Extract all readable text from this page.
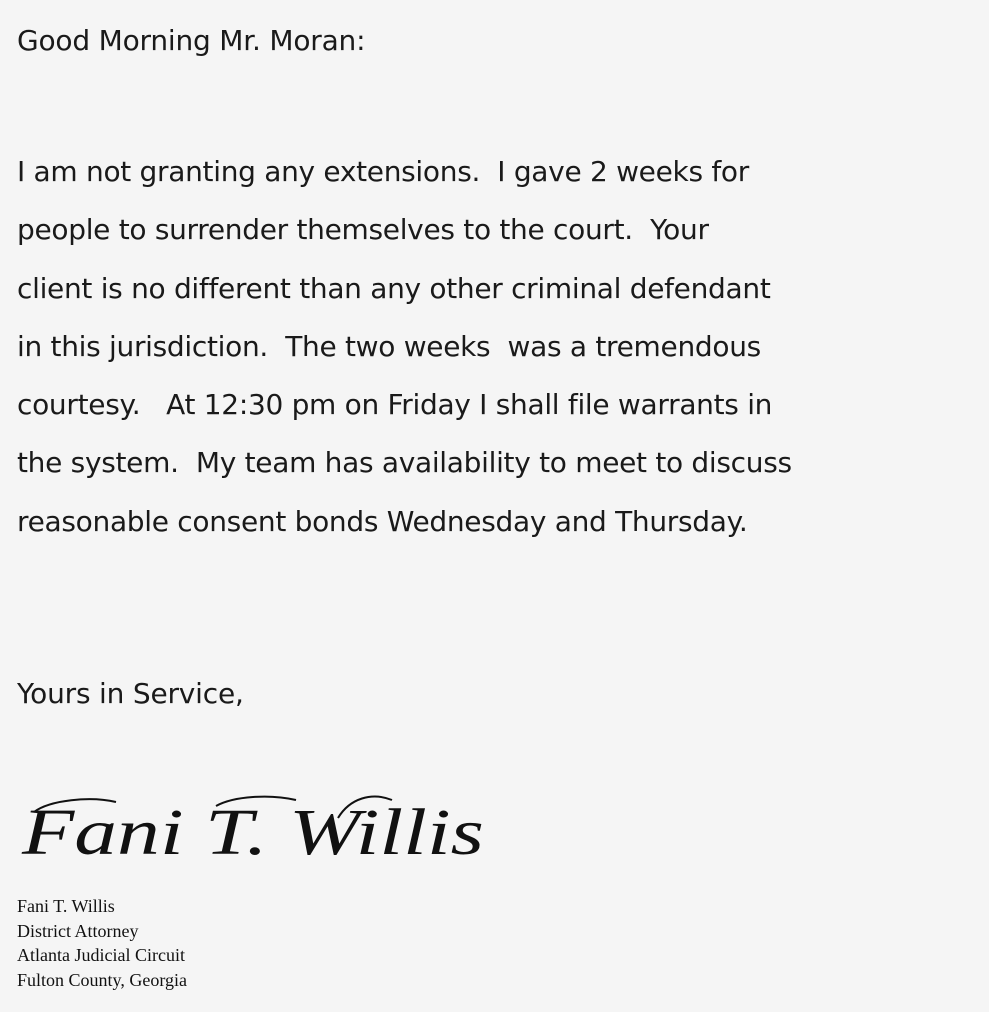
Good Morning Mr. Moran:
I am not granting any extensions.  I gave 2 weeks for
people to surrender themselves to the court.  Your
client is no different than any other criminal defendant
in this jurisdiction.  The two weeks  was a tremendous
courtesy.   At 12:30 pm on Friday I shall file warrants in
the system.  My team has availability to meet to discuss
reasonable consent bonds Wednesday and Thursday.
Yours in Service,
Fani T. Willis
Fani T. Willis
District Attorney
Atlanta Judicial Circuit
Fulton County, Georgia
